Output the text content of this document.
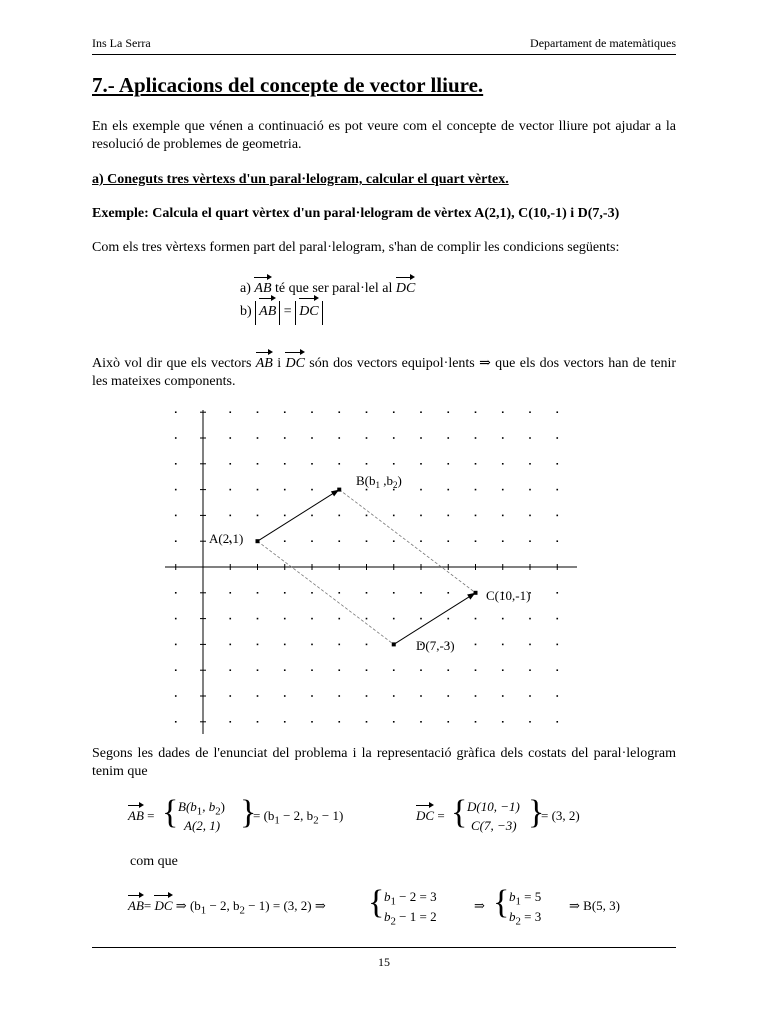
Ins La Serra	Departament de matemàtiques
7.- Aplicacions del concepte de vector lliure.

En els exemple que vénen a continuació es pot veure com el concepte de vector lliure pot ajudar a la resolució de problemes de geometria.

a) Coneguts tres vèrtexs d'un paral·lelogram, calcular el quart vèrtex.

Exemple: Calcula el quart vèrtex d'un paral·lelogram de vèrtex A(2,1), C(10,-1) i D(7,-3)

Com els tres vèrtexs formen part del paral·lelogram, s'han de complir les condicions següents:

a) AB té que ser paral·lel al DC
b) AB = DC

Això vol dir que els vectors AB i DC són dos vectors equipol·lents ⇒ que els dos vectors han de tenir les mateixes components.

A(2,1)
$B(b_1$ $,b_2$)
C(10,-1)
D(7,-3)

Segons les dades de l'enunciat del problema i la representació gràfica dels costats del paral·lelogram tenim que

AB = { $B(b_1$, $b_2$)
A(2, 1) }
= ($b_1 - 2$, $b_2 - 1$)	DC = { D(10, −1)
C(7, −3) }
= (3, 2)

com que

AB= DC ⇒ ($b_1 - 2$, $b_2 - 1) = (3$, 2) ⇒ { $b_1 - 2 = 3$
$b_2 - 1 = 2$
⇒ { $b_1 = 5$
$b_2 = 3$
⇒ B(5, 3)
15
